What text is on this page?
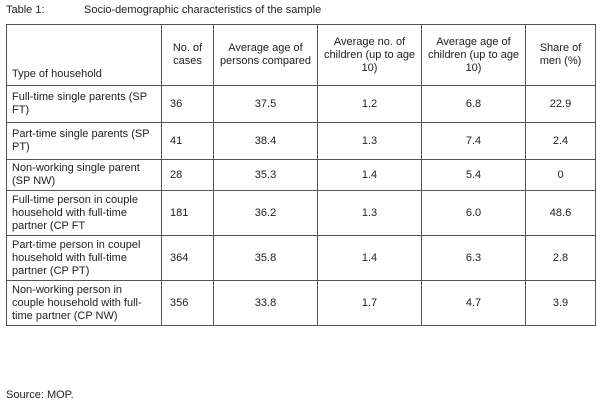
Table 1:	Socio-demographic characteristics of the sample
Type of household	No. of cases	Average age of persons compared	Average no. of children (up to age 10)	Average age of children (up to age 10)	Share of men (%)
Full-time single parents (SP FT)	36	37.5	1.2	6.8	22.9
Part-time single parents (SP PT)	41	38.4	1.3	7.4	2.4
Non-working single parent (SP NW)	28	35.3	1.4	5.4	0
Full-time person in couple household with full-time partner (CP FT	181	36.2	1.3	6.0	48.6
Part-time person in coupel household with full-time partner (CP PT)	364	35.8	1.4	6.3	2.8
Non-working person in couple household with full-time partner (CP NW)	356	33.8	1.7	4.7	3.9
Source: MOP.
